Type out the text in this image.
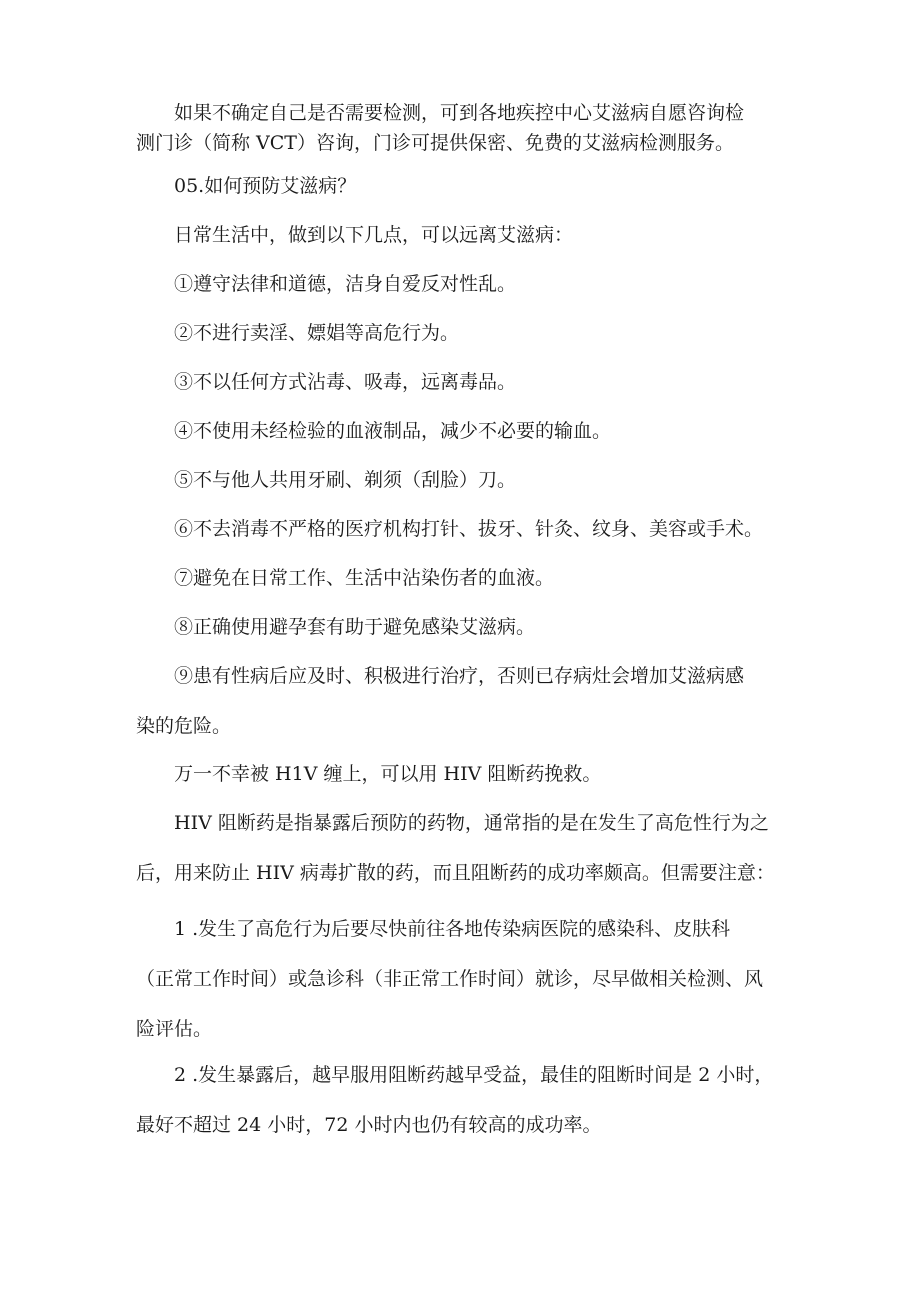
如果不确定自己是否需要检测，可到各地疾控中心艾滋病自愿咨询检
测门诊（简称 VCT）咨询，门诊可提供保密、免费的艾滋病检测服务。

05.如何预防艾滋病？

日常生活中，做到以下几点，可以远离艾滋病：

①遵守法律和道德，洁身自爱反对性乱。

②不进行卖淫、嫖娼等高危行为。

③不以任何方式沾毒、吸毒，远离毒品。

④不使用未经检验的血液制品，减少不必要的输血。

⑤不与他人共用牙刷、剃须（刮脸）刀。

⑥不去消毒不严格的医疗机构打针、拔牙、针灸、纹身、美容或手术。

⑦避免在日常工作、生活中沾染伤者的血液。

⑧正确使用避孕套有助于避免感染艾滋病。

⑨患有性病后应及时、积极进行治疗，否则已存病灶会增加艾滋病感
染的危险。

万一不幸被 H1V 缠上，可以用 HIV 阻断药挽救。

HIV 阻断药是指暴露后预防的药物，通常指的是在发生了高危性行为之
后，用来防止 HIV 病毒扩散的药，而且阻断药的成功率颇高。但需要注意：

1 .发生了高危行为后要尽快前往各地传染病医院的感染科、皮肤科
（正常工作时间）或急诊科（非正常工作时间）就诊，尽早做相关检测、风
险评估。

2 .发生暴露后，越早服用阻断药越早受益，最佳的阻断时间是 2 小时，
最好不超过 24 小时，72 小时内也仍有较高的成功率。
